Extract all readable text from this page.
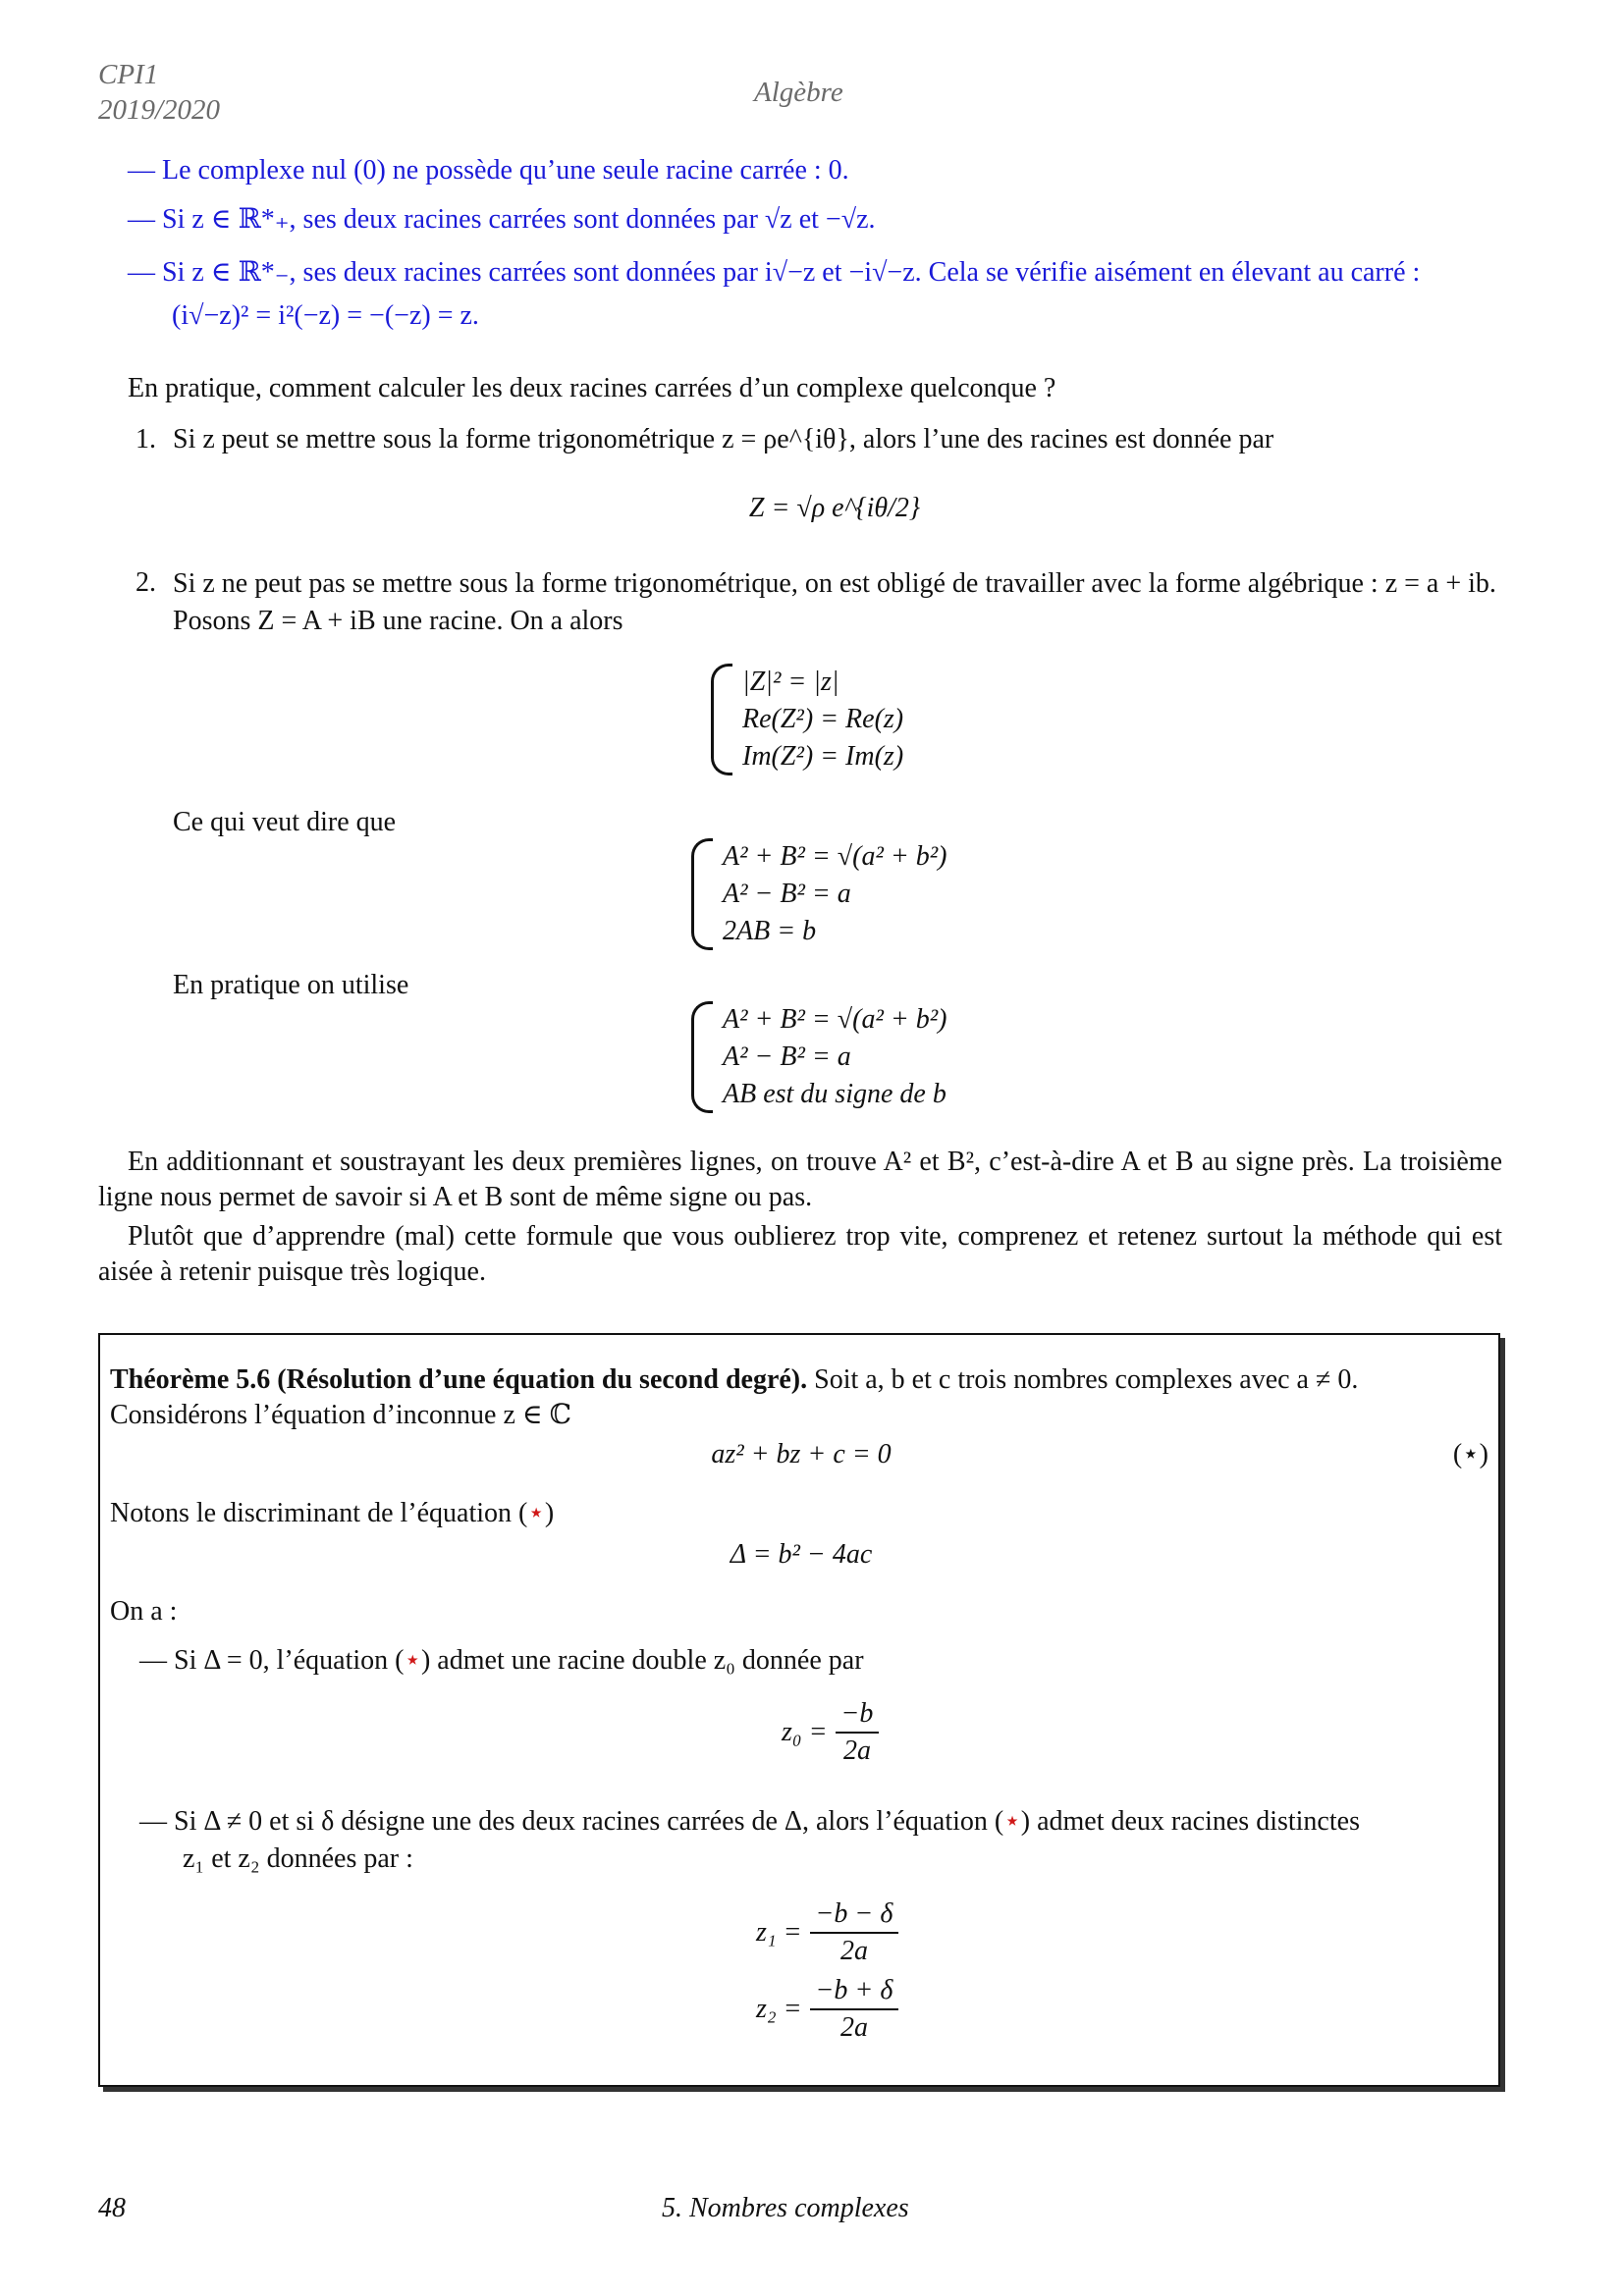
CPI1
2019/2020
Algèbre
— Le complexe nul (0) ne possède qu’une seule racine carrée : 0.
— Si z ∈ ℝ*₊, ses deux racines carrées sont données par √z et −√z.
— Si z ∈ ℝ*₋, ses deux racines carrées sont données par i√−z et −i√−z. Cela se vérifie aisément en élevant au carré : (i√−z)² = i²(−z) = −(−z) = z.
En pratique, comment calculer les deux racines carrées d’un complexe quelconque ?
1. Si z peut se mettre sous la forme trigonométrique z = ρe^{iθ}, alors l’une des racines est donnée par
Z = √ρ e^{iθ/2}
2. Si z ne peut pas se mettre sous la forme trigonométrique, on est obligé de travailler avec la forme algébrique : z = a + ib. Posons Z = A + iB une racine. On a alors
|Z|² = |z|
Re(Z²) = Re(z)
Im(Z²) = Im(z)
Ce qui veut dire que
A² + B² = √(a² + b²)
A² − B² = a
2AB = b
En pratique on utilise
A² + B² = √(a² + b²)
A² − B² = a
AB est du signe de b
En additionnant et soustrayant les deux premières lignes, on trouve A² et B², c’est-à-dire A et B au signe près. La troisième ligne nous permet de savoir si A et B sont de même signe ou pas.
Plutôt que d’apprendre (mal) cette formule que vous oublierez trop vite, comprenez et retenez surtout la méthode qui est aisée à retenir puisque très logique.
Théorème 5.6 (Résolution d’une équation du second degré). Soit a, b et c trois nombres complexes avec a ≠ 0.
Considérons l’équation d’inconnue z ∈ ℂ
az² + bz + c = 0	(⋆)
Notons le discriminant de l’équation (⋆)
Δ = b² − 4ac
On a :
— Si Δ = 0, l’équation (⋆) admet une racine double z₀ donnée par
$z_0 = \frac{-b}{2a}$
— Si Δ ≠ 0 et si δ désigne une des deux racines carrées de Δ, alors l’équation (⋆) admet deux racines distinctes
z₁ et z₂ données par :
$z_1 = \frac{-b - \delta}{2a}$
$z_2 = \frac{-b + \delta}{2a}$
48	5. Nombres complexes
